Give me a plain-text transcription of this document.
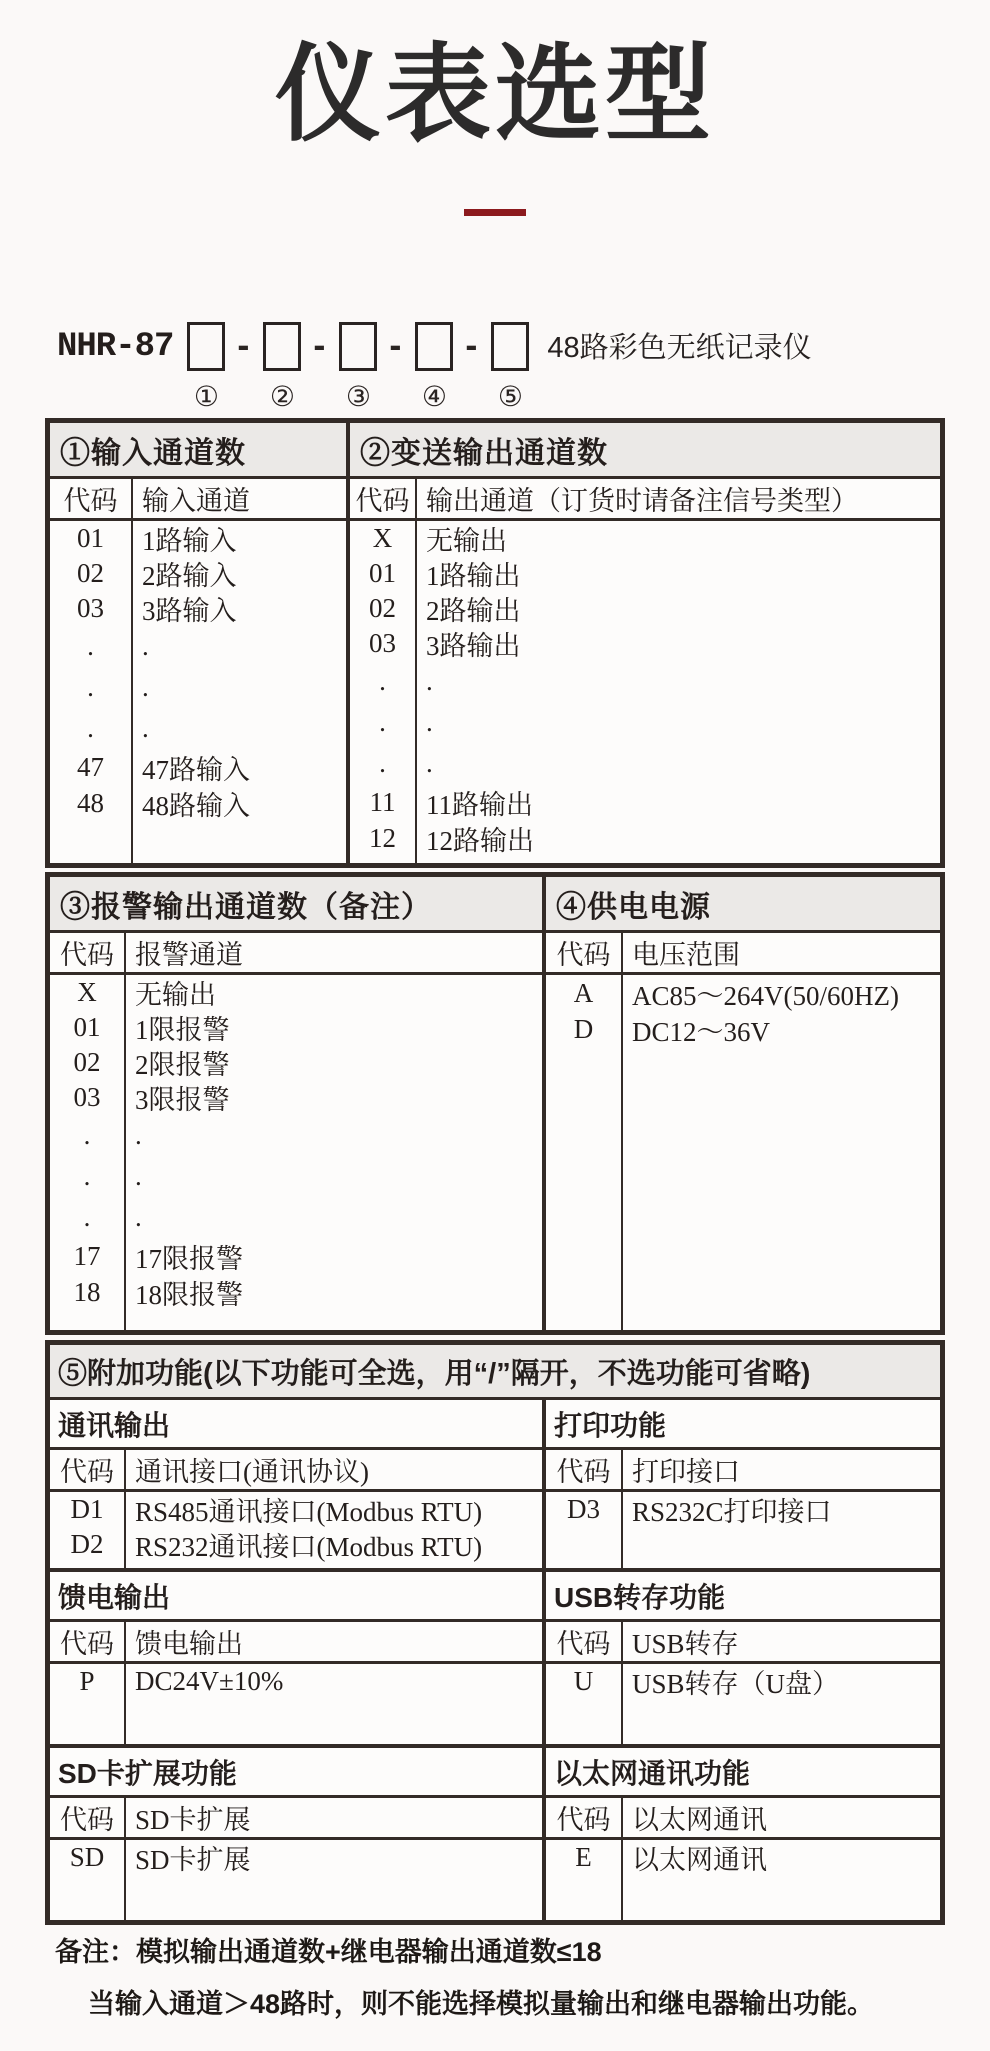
仪表选型
NHR-87
①
-
②
-
③
-
④
-
⑤
48路彩色无纸记录仪
①输入通道数
代码 输入通道
01	1路输入
02	2路输入
03	3路输入
.	.
.	.
.	.
47	47路输入
48	48路输入
②变送输出通道数
代码 输出通道（订货时请备注信号类型）
X	无输出
01	1路输出
02	2路输出
03	3路输出
.	.
.	.
.	.
11	11路输出
12	12路输出
③报警输出通道数（备注）
代码 报警通道
X	无输出
01	1限报警
02	2限报警
03	3限报警
.	.
.	.
.	.
17	17限报警
18	18限报警
④供电电源
代码 电压范围
A	AC85～264V(50/60HZ)
D	DC12～36V
⑤附加功能(以下功能可全选，用“/”隔开，不选功能可省略)
通讯输出
代码 通讯接口(通讯协议)
D1	RS485通讯接口(Modbus RTU)
D2	RS232通讯接口(Modbus RTU)
打印功能
代码 打印接口
D3	RS232C打印接口
馈电输出
代码 馈电输出
P	DC24V±10%
USB转存功能
代码 USB转存
U	USB转存（U盘）
SD卡扩展功能
代码 SD卡扩展
SD	SD卡扩展
以太网通讯功能
代码 以太网通讯
E	以太网通讯
备注：模拟输出通道数+继电器输出通道数≤18
当输入通道＞48路时，则不能选择模拟量输出和继电器输出功能。
